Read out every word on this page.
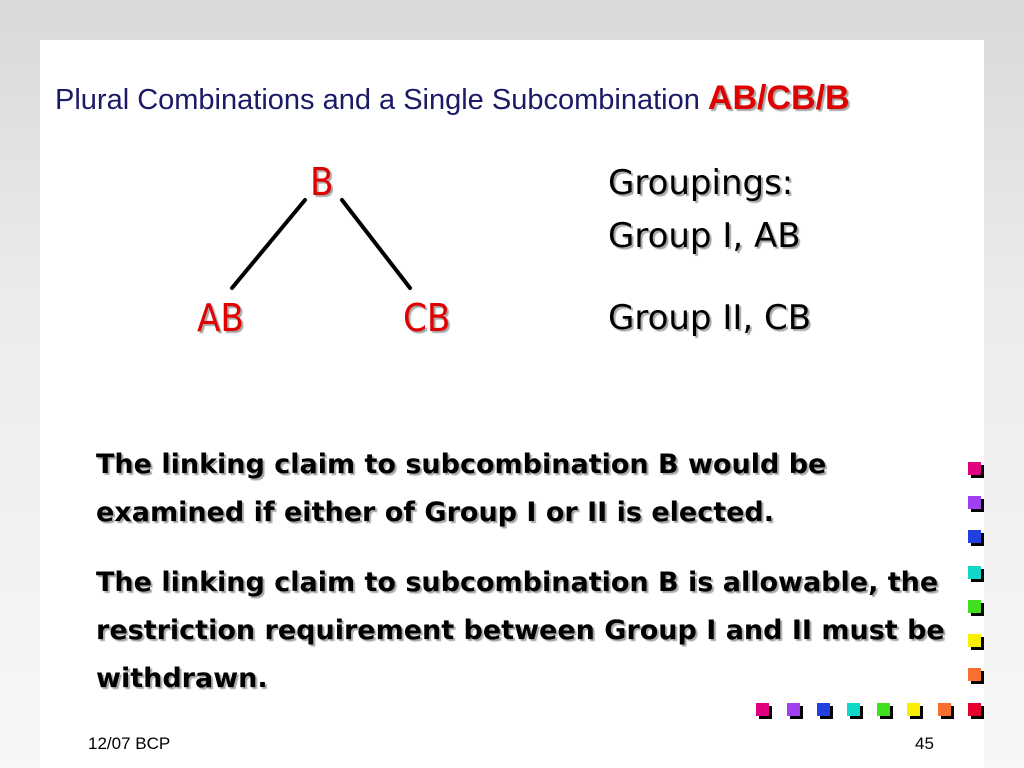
Plural Combinations and a Single Subcombination AB/CB/B
B
AB	CB
Groupings:
Group I, AB
Group II, CB
The linking claim to subcombination B would be examined if either of Group I or II is elected.
The linking claim to subcombination B is allowable, the restriction requirement between Group I and II must be withdrawn.
12/07 BCP	45
